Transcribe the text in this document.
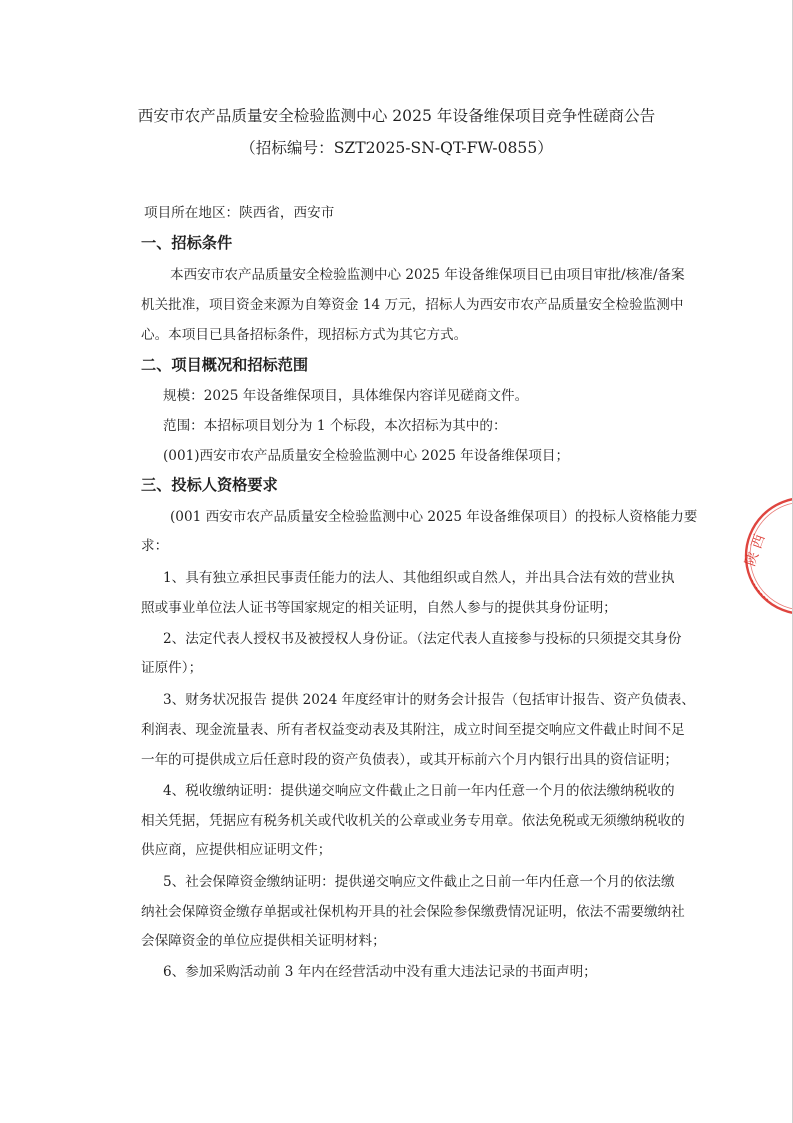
西安市农产品质量安全检验监测中心 2025 年设备维保项目竞争性磋商公告
（招标编号：SZT2025-SN-QT-FW-0855）
项目所在地区：陕西省，西安市
一、招标条件
本西安市农产品质量安全检验监测中心 2025 年设备维保项目已由项目审批/核准/备案
机关批准，项目资金来源为自筹资金 14 万元，招标人为西安市农产品质量安全检验监测中
心。本项目已具备招标条件，现招标方式为其它方式。
二、项目概况和招标范围
规模：2025 年设备维保项目，具体维保内容详见磋商文件。
范围：本招标项目划分为 1 个标段，本次招标为其中的：
(001)西安市农产品质量安全检验监测中心 2025 年设备维保项目；
三、投标人资格要求
(001 西安市农产品质量安全检验监测中心 2025 年设备维保项目）的投标人资格能力要
求：
1、具有独立承担民事责任能力的法人、其他组织或自然人，并出具合法有效的营业执
照或事业单位法人证书等国家规定的相关证明，自然人参与的提供其身份证明；
2、法定代表人授权书及被授权人身份证。（法定代表人直接参与投标的只须提交其身份
证原件）；
3、财务状况报告 提供 2024 年度经审计的财务会计报告（包括审计报告、资产负债表、
利润表、现金流量表、所有者权益变动表及其附注，成立时间至提交响应文件截止时间不足
一年的可提供成立后任意时段的资产负债表），或其开标前六个月内银行出具的资信证明；
4、税收缴纳证明：提供递交响应文件截止之日前一年内任意一个月的依法缴纳税收的
相关凭据，凭据应有税务机关或代收机关的公章或业务专用章。依法免税或无须缴纳税收的
供应商，应提供相应证明文件；
5、社会保障资金缴纳证明：提供递交响应文件截止之日前一年内任意一个月的依法缴
纳社会保障资金缴存单据或社保机构开具的社会保险参保缴费情况证明，依法不需要缴纳社
会保障资金的单位应提供相关证明材料；
6、参加采购活动前 3 年内在经营活动中没有重大违法记录的书面声明；
陕 西
